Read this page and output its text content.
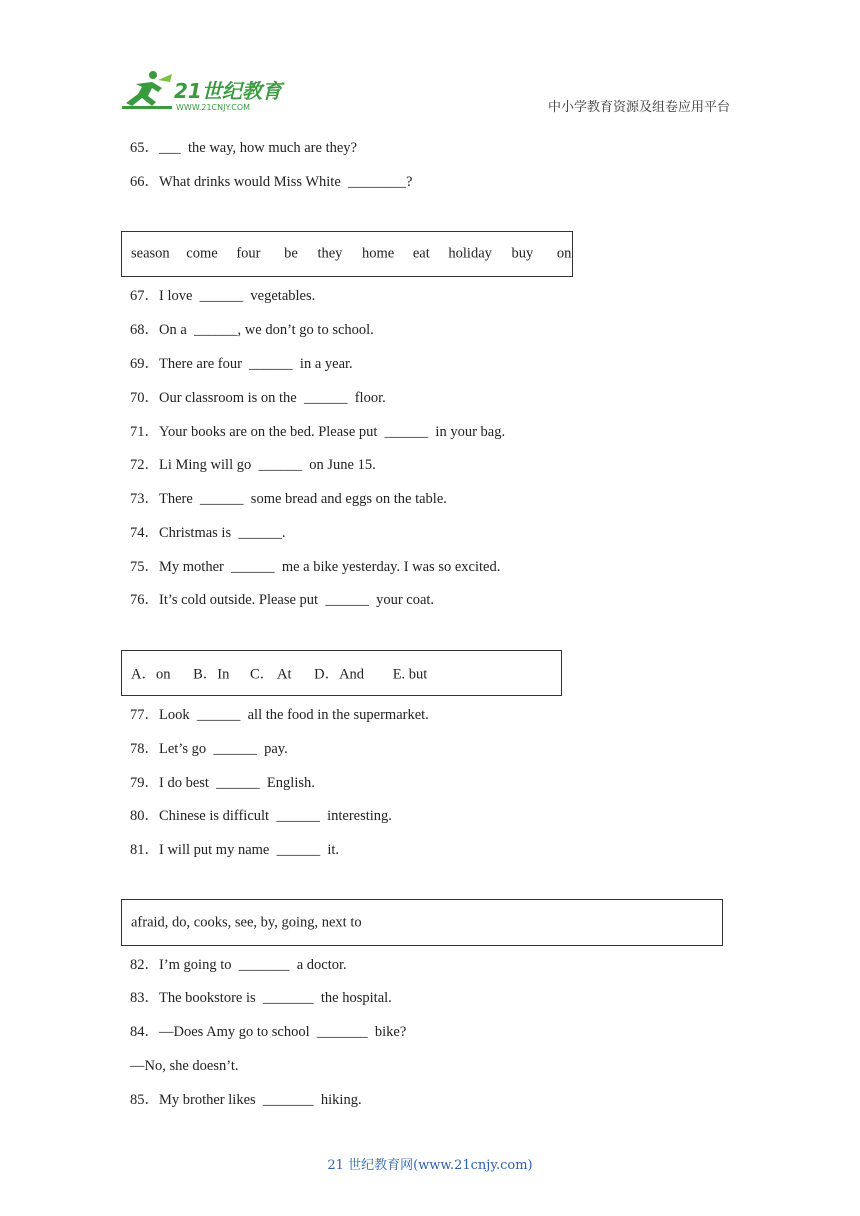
21世纪教育
WWW.21CNJY.COM	中小学教育资源及组卷应用平台
65．___  the way, how much are they?
66．What drinks would Miss White  ________?
season come four be they home eat holiday buy on
67．I love  ______  vegetables.
68．On a  ______, we don’t go to school.
69．There are four  ______  in a year.
70．Our classroom is on the  ______  floor.
71．Your books are on the bed. Please put  ______  in your bag.
72．Li Ming will go  ______  on June 15.
73．There  ______  some bread and eggs on the table.
74．Christmas is  ______.
75．My mother  ______  me a bike yesterday. I was so excited.
76．It’s cold outside. Please put  ______  your coat.
A．on B．In C． At D．And E. but
77．Look  ______  all the food in the supermarket.
78．Let’s go  ______  pay.
79．I do best  ______  English.
80．Chinese is difficult  ______  interesting.
81．I will put my name  ______  it.
afraid, do, cooks, see, by, going, next to
82．I’m going to  _______  a doctor.
83．The bookstore is  _______  the hospital.
84．—Does Amy go to school  _______  bike?
—No, she doesn’t.
85．My brother likes  _______  hiking.
21 世纪教育网(www.21cnjy.com)
